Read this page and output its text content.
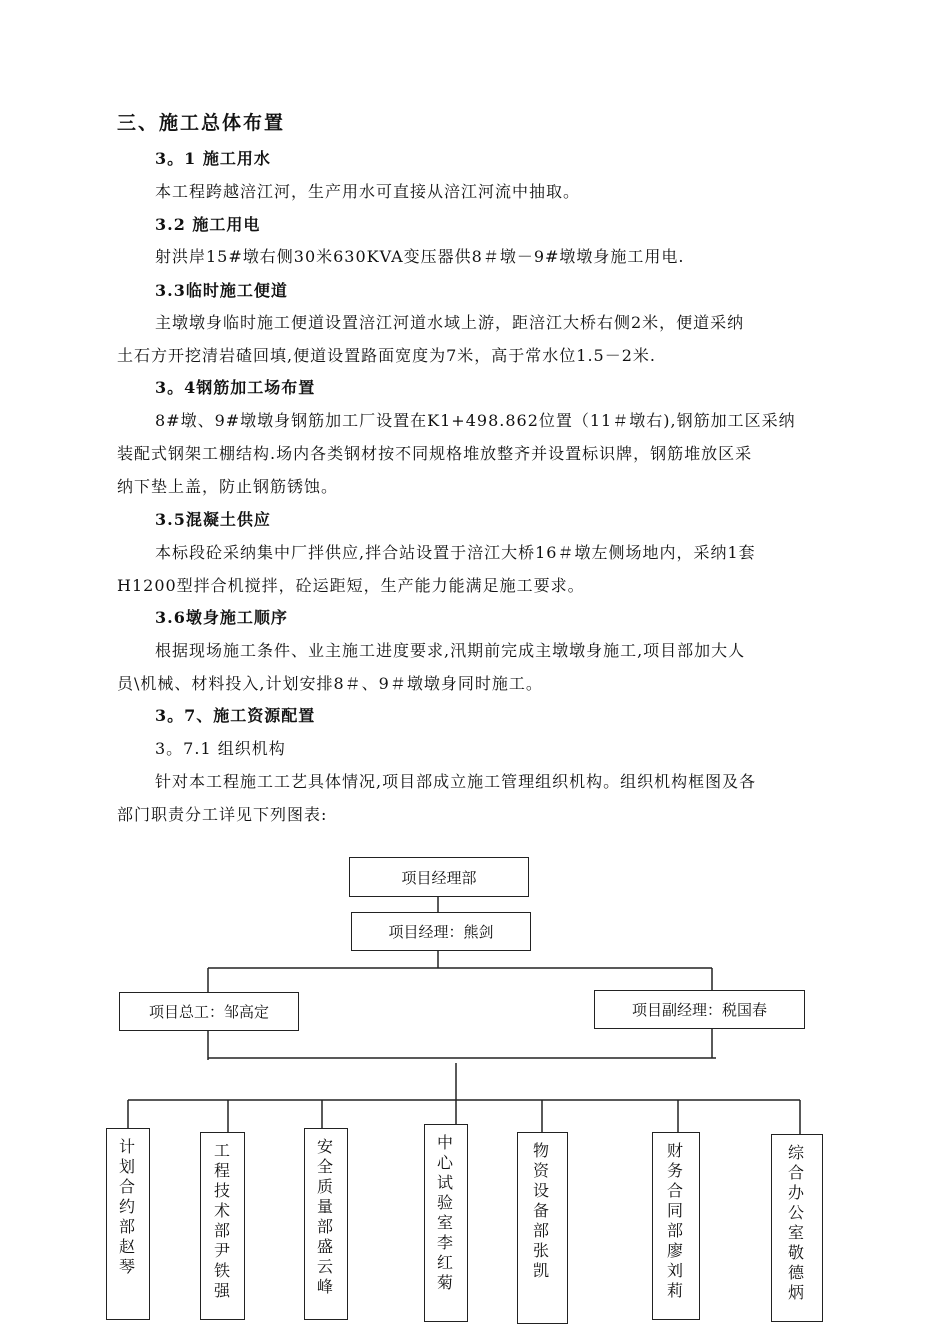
三、施工总体布置
3。1 施工用水
本工程跨越涪江河，生产用水可直接从涪江河流中抽取。
3.2 施工用电
射洪岸15#墩右侧30米630KVA变压器供8＃墩－9#墩墩身施工用电.
3.3临时施工便道
主墩墩身临时施工便道设置涪江河道水域上游，距涪江大桥右侧2米，便道采纳
土石方开挖清岩碴回填,便道设置路面宽度为7米，高于常水位1.5－2米.
3。4钢筋加工场布置
8#墩、9#墩墩身钢筋加工厂设置在K1+498.862位置（11＃墩右),钢筋加工区采纳
装配式钢架工棚结构.场内各类钢材按不同规格堆放整齐并设置标识牌，钢筋堆放区采
纳下垫上盖，防止钢筋锈蚀。
3.5混凝土供应
本标段砼采纳集中厂拌供应,拌合站设置于涪江大桥16＃墩左侧场地内，采纳1套
H1200型拌合机搅拌，砼运距短，生产能力能满足施工要求。
3.6墩身施工顺序
根据现场施工条件、业主施工进度要求,汛期前完成主墩墩身施工,项目部加大人
员\机械、材料投入,计划安排8＃、9＃墩墩身同时施工。
3。7、施工资源配置
3。7.1 组织机构
针对本工程施工工艺具体情况,项目部成立施工管理组织机构。组织机构框图及各
部门职责分工详见下列图表:
项目经理部
项目经理：熊剑
项目总工：邹高定	项目副经理：税国春
计划合约部赵琴
工程技术部尹铁强
安全质量部盛云峰
中心试验室李红菊
物资设备部张凯
财务合同部廖刘莉
综合办公室敬德炳
